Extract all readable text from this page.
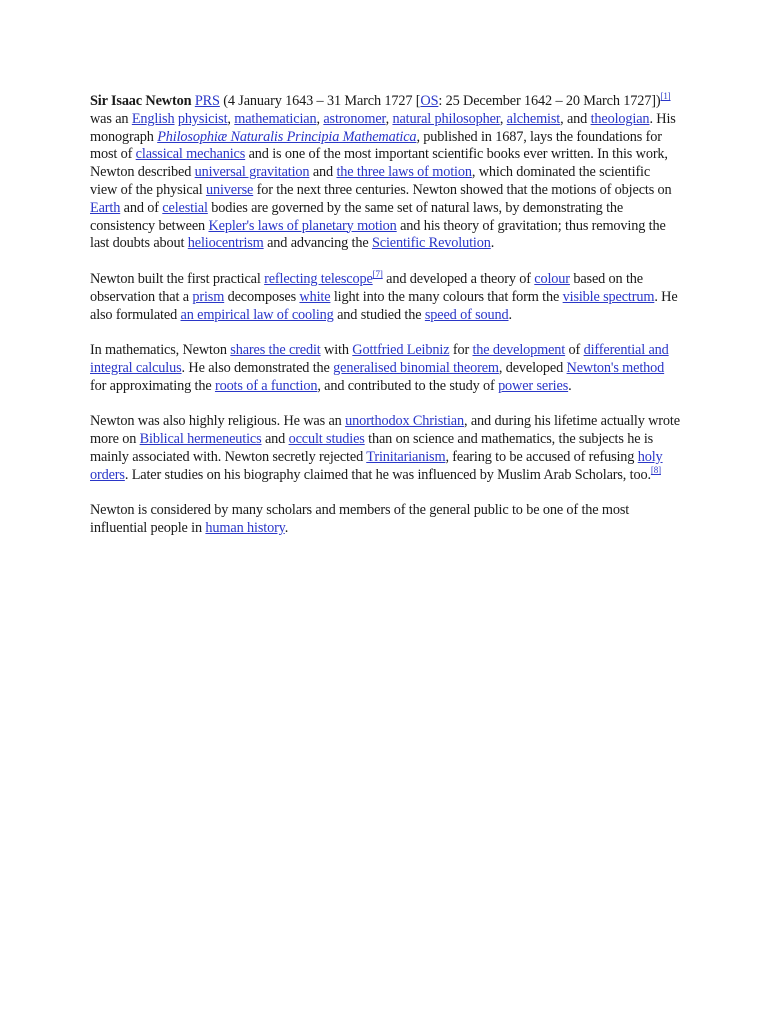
Sir Isaac Newton PRS (4 January 1643 – 31 March 1727 [OS: 25 December 1642 – 20 March 1727])[1] was an English physicist, mathematician, astronomer, natural philosopher, alchemist, and theologian. His monograph Philosophiæ Naturalis Principia Mathematica, published in 1687, lays the foundations for most of classical mechanics and is one of the most important scientific books ever written. In this work, Newton described universal gravitation and the three laws of motion, which dominated the scientific view of the physical universe for the next three centuries. Newton showed that the motions of objects on Earth and of celestial bodies are governed by the same set of natural laws, by demonstrating the consistency between Kepler's laws of planetary motion and his theory of gravitation; thus removing the last doubts about heliocentrism and advancing the Scientific Revolution.

Newton built the first practical reflecting telescope[7] and developed a theory of colour based on the observation that a prism decomposes white light into the many colours that form the visible spectrum. He also formulated an empirical law of cooling and studied the speed of sound.

In mathematics, Newton shares the credit with Gottfried Leibniz for the development of differential and integral calculus. He also demonstrated the generalised binomial theorem, developed Newton's method for approximating the roots of a function, and contributed to the study of power series.

Newton was also highly religious. He was an unorthodox Christian, and during his lifetime actually wrote more on Biblical hermeneutics and occult studies than on science and mathematics, the subjects he is mainly associated with. Newton secretly rejected Trinitarianism, fearing to be accused of refusing holy orders. Later studies on his biography claimed that he was influenced by Muslim Arab Scholars, too.[8]

Newton is considered by many scholars and members of the general public to be one of the most influential people in human history.
